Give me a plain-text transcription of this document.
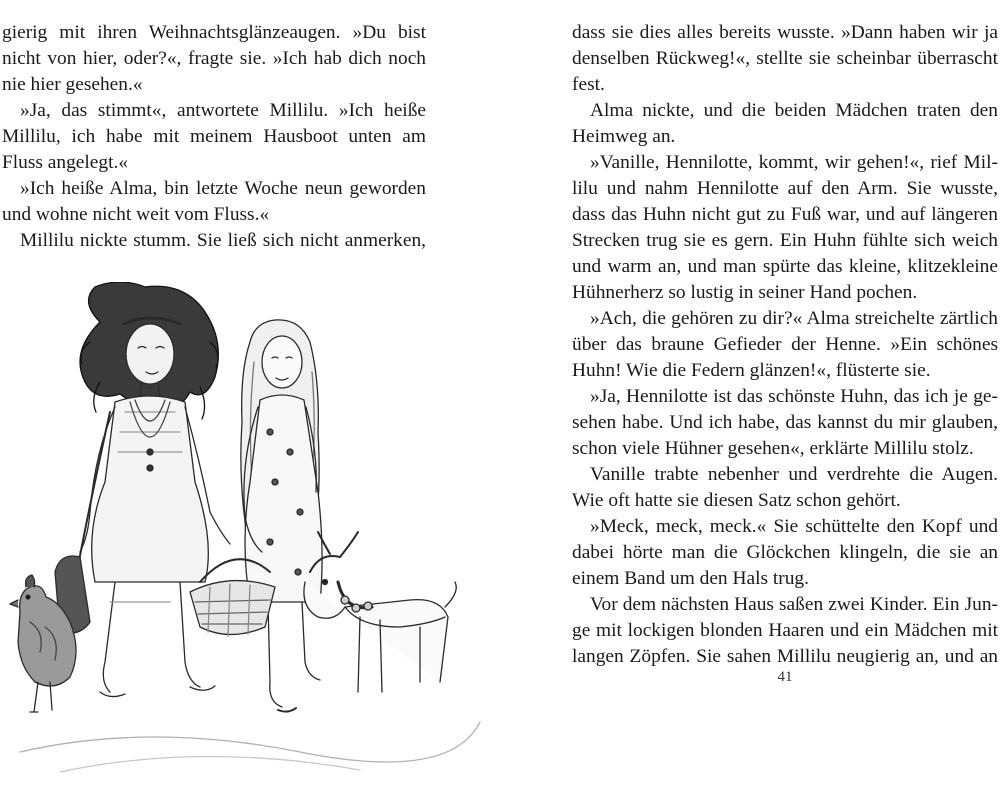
gierig mit ihren Weihnachtsglänzeaugen. »Du bist nicht von hier, oder?«, fragte sie. »Ich hab dich noch nie hier gesehen.«

»Ja, das stimmt«, antwortete Millilu. »Ich heiße Millilu, ich habe mit meinem Hausboot unten am Fluss angelegt.«

»Ich heiße Alma, bin letzte Woche neun geworden und wohne nicht weit vom Fluss.«

Millilu nickte stumm. Sie ließ sich nicht anmerken,

dass sie dies alles bereits wusste. »Dann haben wir ja denselben Rückweg!«, stellte sie scheinbar überrascht fest.

Alma nickte, und die beiden Mädchen traten den Heimweg an.

»Vanille, Hennilotte, kommt, wir gehen!«, rief Millilu und nahm Hennilotte auf den Arm. Sie wusste, dass das Huhn nicht gut zu Fuß war, und auf längeren Strecken trug sie es gern. Ein Huhn fühlte sich weich und warm an, und man spürte das kleine, klitzekleine Hühnerherz so lustig in seiner Hand pochen.

»Ach, die gehören zu dir?« Alma streichelte zärtlich über das braune Gefieder der Henne. »Ein schönes Huhn! Wie die Federn glänzen!«, flüsterte sie.

»Ja, Hennilotte ist das schönste Huhn, das ich je gesehen habe. Und ich habe, das kannst du mir glauben, schon viele Hühner gesehen«, erklärte Millilu stolz.

Vanille trabte nebenher und verdrehte die Augen. Wie oft hatte sie diesen Satz schon gehört.

»Meck, meck, meck.« Sie schüttelte den Kopf und dabei hörte man die Glöckchen klingeln, die sie an einem Band um den Hals trug.

Vor dem nächsten Haus saßen zwei Kinder. Ein Junge mit lockigen blonden Haaren und ein Mädchen mit langen Zöpfen. Sie sahen Millilu neugierig an, und an

41
